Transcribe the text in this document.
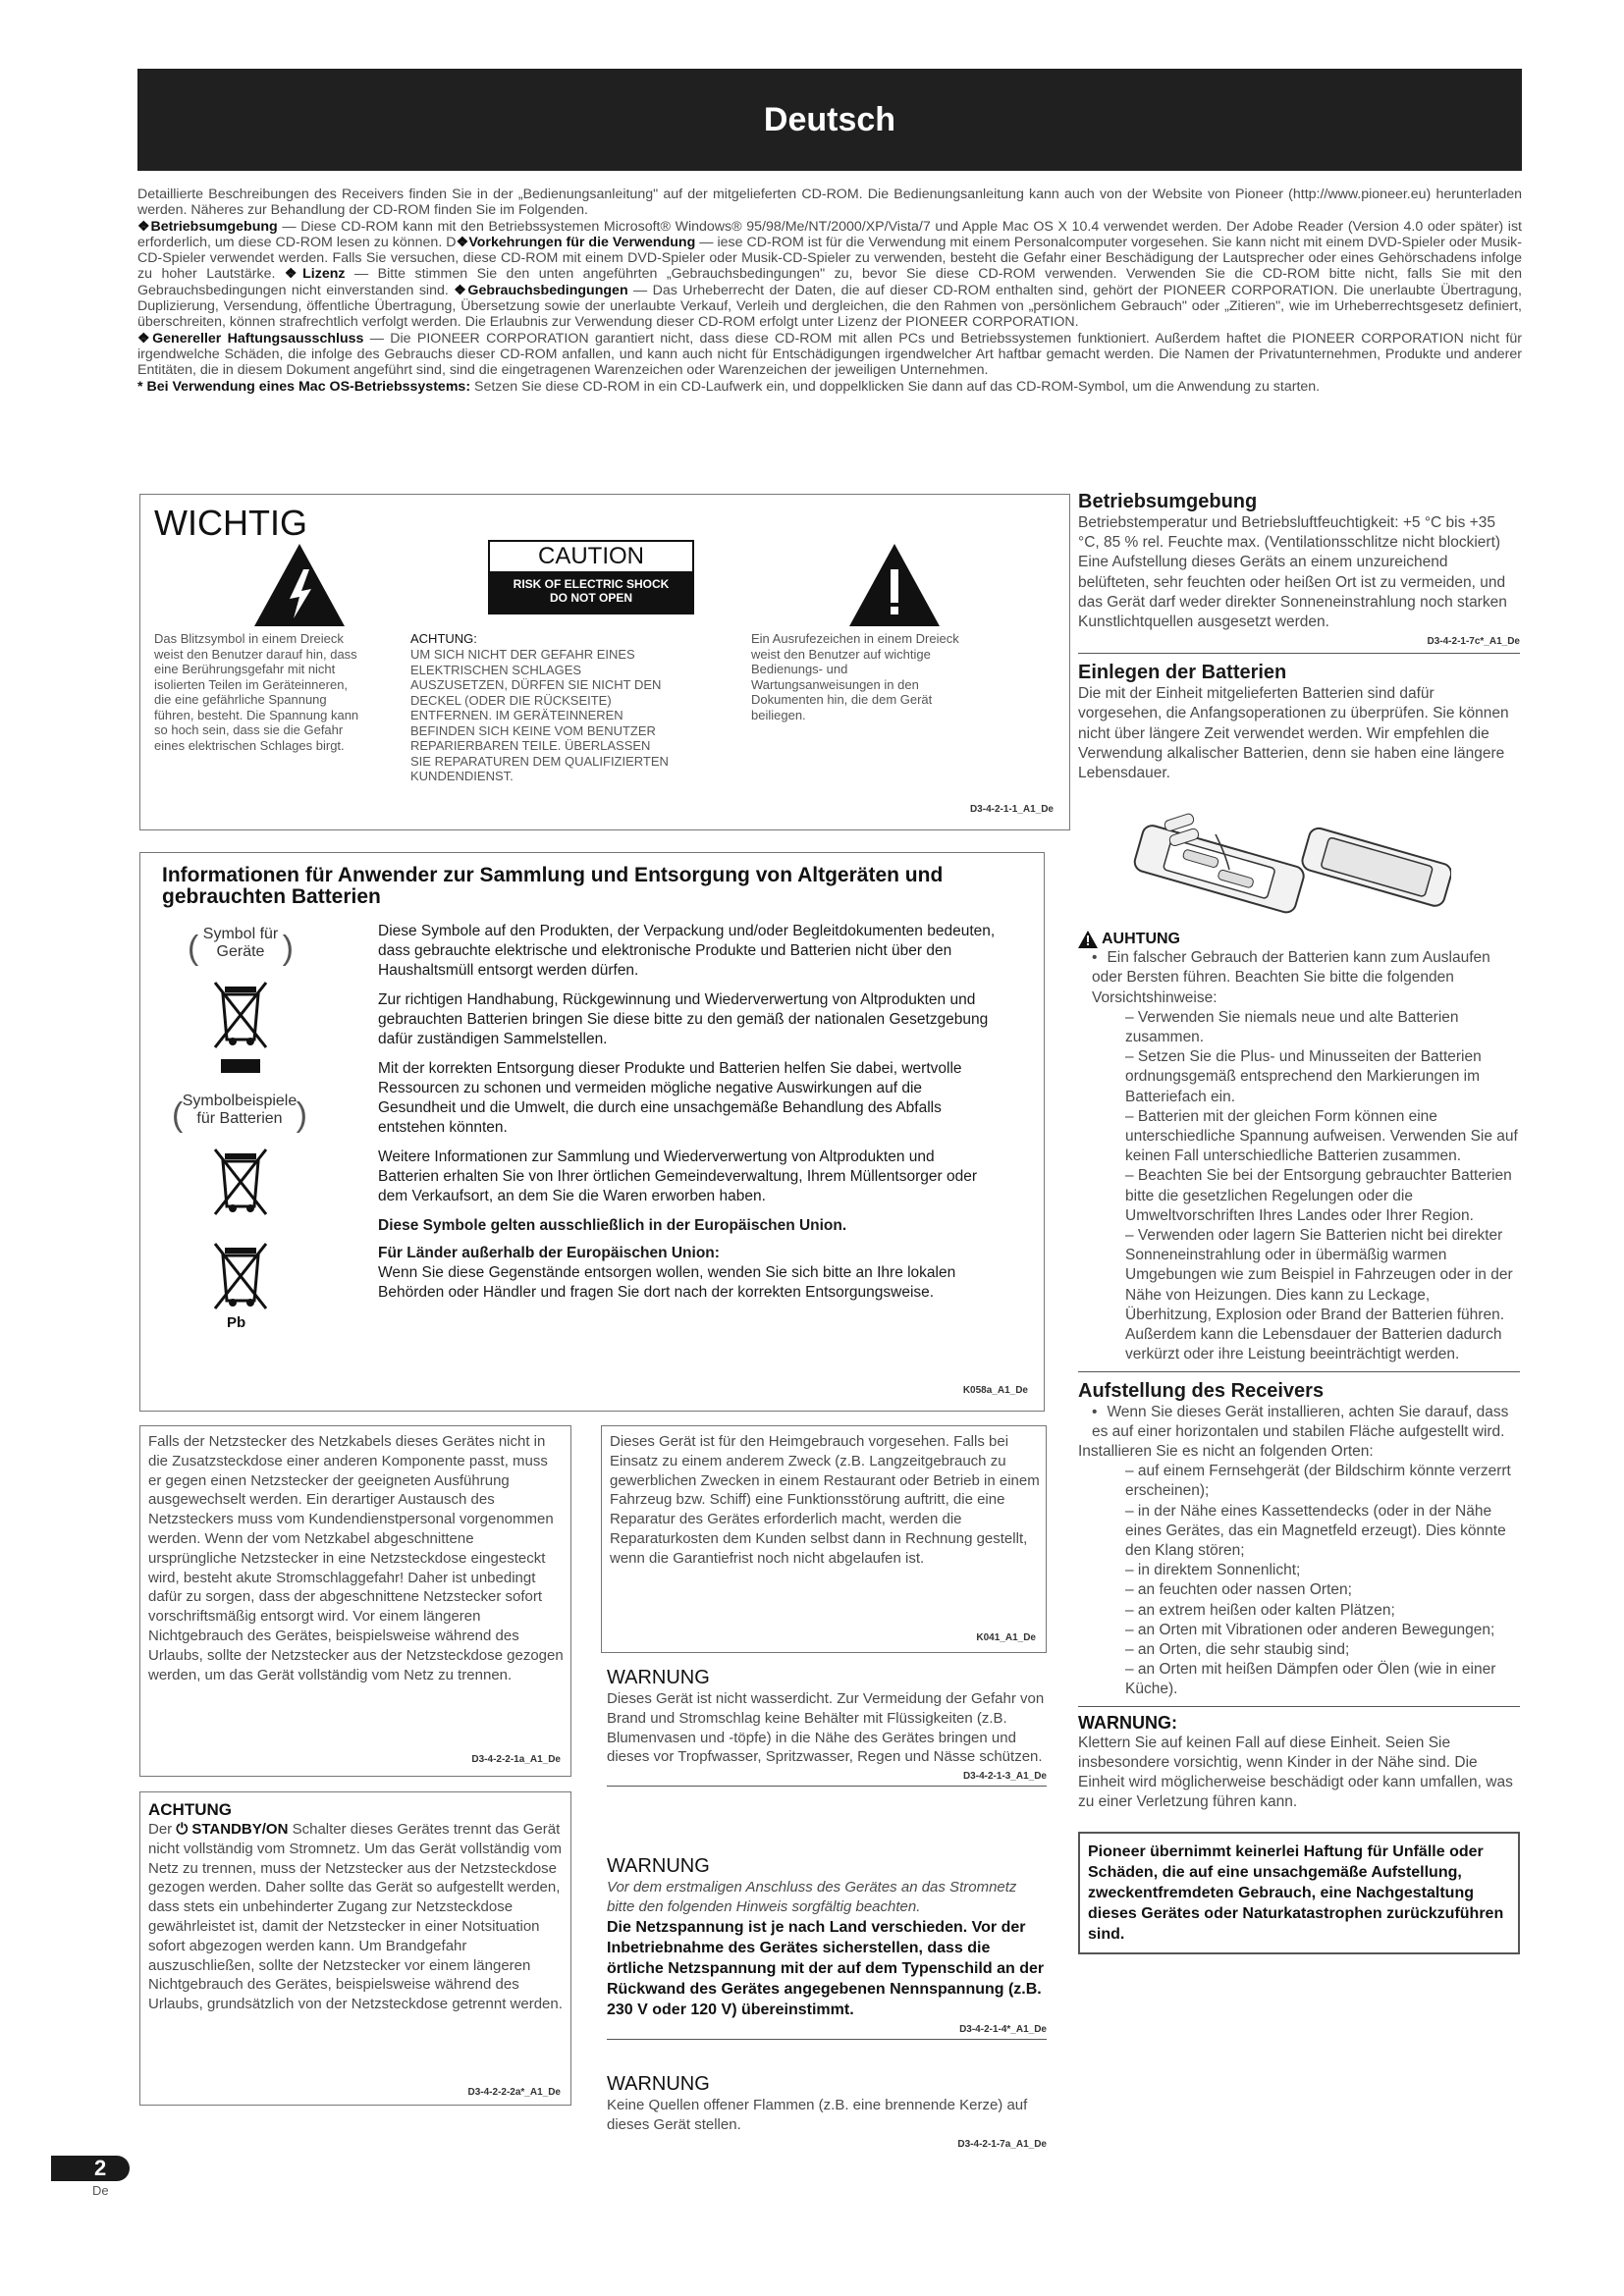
Deutsch
Detaillierte Beschreibungen des Receivers finden Sie in der „Bedienungsanleitung" auf der mitgelieferten CD-ROM. Die Bedienungsanleitung kann auch von der Website von Pioneer (http://www.pioneer.eu) herunterladen werden. Näheres zur Behandlung der CD-ROM finden Sie im Folgenden.
❖Betriebsumgebung — Diese CD-ROM kann mit den Betriebssystemen Microsoft® Windows® 95/98/Me/NT/2000/XP/Vista/7 und Apple Mac OS X 10.4 verwendet werden. Der Adobe Reader (Version 4.0 oder später) ist erforderlich, um diese CD-ROM lesen zu können. D❖Vorkehrungen für die Verwendung — iese CD-ROM ist für die Verwendung mit einem Personalcomputer vorgesehen. Sie kann nicht mit einem DVD-Spieler oder Musik-CD-Spieler verwendet werden. Falls Sie versuchen, diese CD-ROM mit einem DVD-Spieler oder Musik-CD-Spieler zu verwenden, besteht die Gefahr einer Beschädigung der Lautsprecher oder eines Gehörschadens infolge zu hoher Lautstärke. ❖Lizenz — Bitte stimmen Sie den unten angeführten „Gebrauchsbedingungen" zu, bevor Sie diese CD-ROM verwenden. Verwenden Sie die CD-ROM bitte nicht, falls Sie mit den Gebrauchsbedingungen nicht einverstanden sind. ❖Gebrauchsbedingungen — Das Urheberrecht der Daten, die auf dieser CD-ROM enthalten sind, gehört der PIONEER CORPORATION. Die unerlaubte Übertragung, Duplizierung, Versendung, öffentliche Übertragung, Übersetzung sowie der unerlaubte Verkauf, Verleih und dergleichen, die den Rahmen von „persönlichem Gebrauch" oder „Zitieren", wie im Urheberrechtsgesetz definiert, überschreiten, können strafrechtlich verfolgt werden. Die Erlaubnis zur Verwendung dieser CD-ROM erfolgt unter Lizenz der PIONEER CORPORATION.
❖Genereller Haftungsausschluss — Die PIONEER CORPORATION garantiert nicht, dass diese CD-ROM mit allen PCs und Betriebssystemen funktioniert. Außerdem haftet die PIONEER CORPORATION nicht für irgendwelche Schäden, die infolge des Gebrauchs dieser CD-ROM anfallen, und kann auch nicht für Entschädigungen irgendwelcher Art haftbar gemacht werden. Die Namen der Privatunternehmen, Produkte und anderer Entitäten, die in diesem Dokument angeführt sind, sind die eingetragenen Warenzeichen oder Warenzeichen der jeweiligen Unternehmen.
* Bei Verwendung eines Mac OS-Betriebssystems: Setzen Sie diese CD-ROM in ein CD-Laufwerk ein, und doppelklicken Sie dann auf das CD-ROM-Symbol, um die Anwendung zu starten.
WICHTIG
CAUTION
RISK OF ELECTRIC SHOCK
DO NOT OPEN
Das Blitzsymbol in einem Dreieck weist den Benutzer darauf hin, dass eine Berührungsgefahr mit nicht isolierten Teilen im Geräteinneren, die eine gefährliche Spannung führen, besteht. Die Spannung kann so hoch sein, dass sie die Gefahr eines elektrischen Schlages birgt.
ACHTUNG:
UM SICH NICHT DER GEFAHR EINES ELEKTRISCHEN SCHLAGES AUSZUSETZEN, DÜRFEN SIE NICHT DEN DECKEL (ODER DIE RÜCKSEITE) ENTFERNEN. IM GERÄTEINNEREN BEFINDEN SICH KEINE VOM BENUTZER REPARIERBAREN TEILE. ÜBERLASSEN SIE REPARATUREN DEM QUALIFIZIERTEN KUNDENDIENST.
Ein Ausrufezeichen in einem Dreieck weist den Benutzer auf wichtige Bedienungs- und Wartungsanweisungen in den Dokumenten hin, die dem Gerät beiliegen.
D3-4-2-1-1_A1_De
Informationen für Anwender zur Sammlung und Entsorgung von Altgeräten und gebrauchten Batterien
(	)
Symbol für
Geräte
(	)
Symbolbeispiele
für Batterien
Pb
Diese Symbole auf den Produkten, der Verpackung und/oder Begleitdokumenten bedeuten, dass gebrauchte elektrische und elektronische Produkte und Batterien nicht über den Haushaltsmüll entsorgt werden dürfen.
Zur richtigen Handhabung, Rückgewinnung und Wiederverwertung von Altprodukten und gebrauchten Batterien bringen Sie diese bitte zu den gemäß der nationalen Gesetzgebung dafür zuständigen Sammelstellen.
Mit der korrekten Entsorgung dieser Produkte und Batterien helfen Sie dabei, wertvolle Ressourcen zu schonen und vermeiden mögliche negative Auswirkungen auf die Gesundheit und die Umwelt, die durch eine unsachgemäße Behandlung des Abfalls entstehen könnten.
Weitere Informationen zur Sammlung und Wiederverwertung von Altprodukten und Batterien erhalten Sie von Ihrer örtlichen Gemeindeverwaltung, Ihrem Müllentsorger oder dem Verkaufsort, an dem Sie die Waren erworben haben.
Diese Symbole gelten ausschließlich in der Europäischen Union.
Für Länder außerhalb der Europäischen Union:
Wenn Sie diese Gegenstände entsorgen wollen, wenden Sie sich bitte an Ihre lokalen Behörden oder Händler und fragen Sie dort nach der korrekten Entsorgungsweise.
K058a_A1_De
Falls der Netzstecker des Netzkabels dieses Gerätes nicht in die Zusatzsteckdose einer anderen Komponente passt, muss er gegen einen Netzstecker der geeigneten Ausführung ausgewechselt werden. Ein derartiger Austausch des Netzsteckers muss vom Kundendienstpersonal vorgenommen werden. Wenn der vom Netzkabel abgeschnittene ursprüngliche Netzstecker in eine Netzsteckdose eingesteckt wird, besteht akute Stromschlaggefahr! Daher ist unbedingt dafür zu sorgen, dass der abgeschnittene Netzstecker sofort vorschriftsmäßig entsorgt wird. Vor einem längeren Nichtgebrauch des Gerätes, beispielsweise während des Urlaubs, sollte der Netzstecker aus der Netzsteckdose gezogen werden, um das Gerät vollständig vom Netz zu trennen.
D3-4-2-2-1a_A1_De
ACHTUNG
Der ⏻ STANDBY/ON Schalter dieses Gerätes trennt das Gerät nicht vollständig vom Stromnetz. Um das Gerät vollständig vom Netz zu trennen, muss der Netzstecker aus der Netzsteckdose gezogen werden. Daher sollte das Gerät so aufgestellt werden, dass stets ein unbehinderter Zugang zur Netzsteckdose gewährleistet ist, damit der Netzstecker in einer Notsituation sofort abgezogen werden kann. Um Brandgefahr auszuschließen, sollte der Netzstecker vor einem längeren Nichtgebrauch des Gerätes, beispielsweise während des Urlaubs, grundsätzlich von der Netzsteckdose getrennt werden.
D3-4-2-2-2a*_A1_De
Dieses Gerät ist für den Heimgebrauch vorgesehen. Falls bei Einsatz zu einem anderem Zweck (z.B. Langzeitgebrauch zu gewerblichen Zwecken in einem Restaurant oder Betrieb in einem Fahrzeug bzw. Schiff) eine Funktionsstörung auftritt, die eine Reparatur des Gerätes erforderlich macht, werden die Reparaturkosten dem Kunden selbst dann in Rechnung gestellt, wenn die Garantiefrist noch nicht abgelaufen ist.
K041_A1_De
WARNUNG
Dieses Gerät ist nicht wasserdicht. Zur Vermeidung der Gefahr von Brand und Stromschlag keine Behälter mit Flüssigkeiten (z.B. Blumenvasen und -töpfe) in die Nähe des Gerätes bringen und dieses vor Tropfwasser, Spritzwasser, Regen und Nässe schützen.
D3-4-2-1-3_A1_De
WARNUNG
Vor dem erstmaligen Anschluss des Gerätes an das Stromnetz bitte den folgenden Hinweis sorgfältig beachten.
Die Netzspannung ist je nach Land verschieden. Vor der Inbetriebnahme des Gerätes sicherstellen, dass die örtliche Netzspannung mit der auf dem Typenschild an der Rückwand des Gerätes angegebenen Nennspannung (z.B. 230 V oder 120 V) übereinstimmt.
D3-4-2-1-4*_A1_De
WARNUNG
Keine Quellen offener Flammen (z.B. eine brennende Kerze) auf dieses Gerät stellen.
D3-4-2-1-7a_A1_De
Betriebsumgebung
Betriebstemperatur und Betriebsluftfeuchtigkeit: +5 °C bis +35 °C, 85 % rel. Feuchte max. (Ventilationsschlitze nicht blockiert) Eine Aufstellung dieses Geräts an einem unzureichend belüfteten, sehr feuchten oder heißen Ort ist zu vermeiden, und das Gerät darf weder direkter Sonneneinstrahlung noch starken Kunstlichtquellen ausgesetzt werden.
D3-4-2-1-7c*_A1_De
Einlegen der Batterien
Die mit der Einheit mitgelieferten Batterien sind dafür vorgesehen, die Anfangsoperationen zu überprüfen. Sie können nicht über längere Zeit verwendet werden. Wir empfehlen die Verwendung alkalischer Batterien, denn sie haben eine längere Lebensdauer.
AUHTUNG
• Ein falscher Gebrauch der Batterien kann zum Auslaufen oder Bersten führen. Beachten Sie bitte die folgenden Vorsichtshinweise:
– Verwenden Sie niemals neue und alte Batterien zusammen.
– Setzen Sie die Plus- und Minusseiten der Batterien ordnungsgemäß entsprechend den Markierungen im Batteriefach ein.
– Batterien mit der gleichen Form können eine unterschiedliche Spannung aufweisen. Verwenden Sie auf keinen Fall unterschiedliche Batterien zusammen.
– Beachten Sie bei der Entsorgung gebrauchter Batterien bitte die gesetzlichen Regelungen oder die Umweltvorschriften Ihres Landes oder Ihrer Region.
– Verwenden oder lagern Sie Batterien nicht bei direkter Sonneneinstrahlung oder in übermäßig warmen Umgebungen wie zum Beispiel in Fahrzeugen oder in der Nähe von Heizungen. Dies kann zu Leckage, Überhitzung, Explosion oder Brand der Batterien führen. Außerdem kann die Lebensdauer der Batterien dadurch verkürzt oder ihre Leistung beeinträchtigt werden.
Aufstellung des Receivers
• Wenn Sie dieses Gerät installieren, achten Sie darauf, dass es auf einer horizontalen und stabilen Fläche aufgestellt wird.
Installieren Sie es nicht an folgenden Orten:
– auf einem Fernsehgerät (der Bildschirm könnte verzerrt erscheinen);
– in der Nähe eines Kassettendecks (oder in der Nähe eines Gerätes, das ein Magnetfeld erzeugt). Dies könnte den Klang stören;
– in direktem Sonnenlicht;
– an feuchten oder nassen Orten;
– an extrem heißen oder kalten Plätzen;
– an Orten mit Vibrationen oder anderen Bewegungen;
– an Orten, die sehr staubig sind;
– an Orten mit heißen Dämpfen oder Ölen (wie in einer Küche).
WARNUNG:
Klettern Sie auf keinen Fall auf diese Einheit. Seien Sie insbesondere vorsichtig, wenn Kinder in der Nähe sind. Die Einheit wird möglicherweise beschädigt oder kann umfallen, was zu einer Verletzung führen kann.
Pioneer übernimmt keinerlei Haftung für Unfälle oder Schäden, die auf eine unsachgemäße Aufstellung, zweckentfremdeten Gebrauch, eine Nachgestaltung dieses Gerätes oder Naturkatastrophen zurückzuführen sind.
2
De
